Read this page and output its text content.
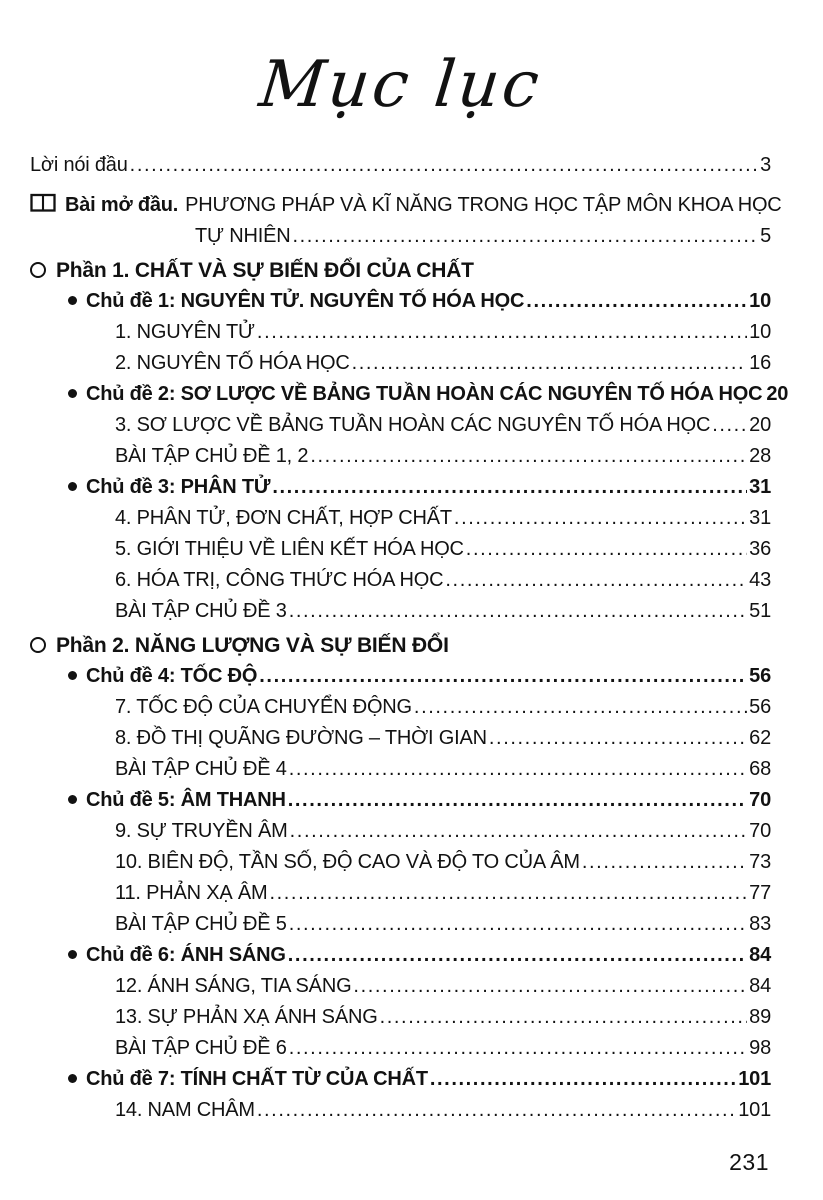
Mục lục
Lời nói đầu .....	3
Bài mở đầu. PHƯƠNG PHÁP VÀ KĨ NĂNG TRONG HỌC TẬP MÔN KHOA HỌC
TỰ NHIÊN .....	5
Phần 1. CHẤT VÀ SỰ BIẾN ĐỔI CỦA CHẤT
Chủ đề 1: NGUYÊN TỬ. NGUYÊN TỐ HÓA HỌC .....	10
1. NGUYÊN TỬ .....	10
2. NGUYÊN TỐ HÓA HỌC .....	16
Chủ đề 2: SƠ LƯỢC VỀ BẢNG TUẦN HOÀN CÁC NGUYÊN TỐ HÓA HỌC 20
3. SƠ LƯỢC VỀ BẢNG TUẦN HOÀN CÁC NGUYÊN TỐ HÓA HỌC ..... 20
BÀI TẬP CHỦ ĐỀ 1, 2 .....	28
Chủ đề 3: PHÂN TỬ .....	31
4. PHÂN TỬ, ĐƠN CHẤT, HỢP CHẤT .....	31
5. GIỚI THIỆU VỀ LIÊN KẾT HÓA HỌC .....	36
6. HÓA TRỊ, CÔNG THỨC HÓA HỌC .....	43
BÀI TẬP CHỦ ĐỀ 3 .....	51
Phần 2. NĂNG LƯỢNG VÀ SỰ BIẾN ĐỔI
Chủ đề 4: TỐC ĐỘ .....	56
7. TỐC ĐỘ CỦA CHUYỂN ĐỘNG .....	56
8. ĐỒ THỊ QUÃNG ĐƯỜNG – THỜI GIAN .....	62
BÀI TẬP CHỦ ĐỀ 4 .....	68
Chủ đề 5: ÂM THANH .....	70
9. SỰ TRUYỀN ÂM .....	70
10. BIÊN ĐỘ, TẦN SỐ, ĐỘ CAO VÀ ĐỘ TO CỦA ÂM .....	73
11. PHẢN XẠ ÂM .....	77
BÀI TẬP CHỦ ĐỀ 5 .....	83
Chủ đề 6: ÁNH SÁNG .....	84
12. ÁNH SÁNG, TIA SÁNG .....	84
13. SỰ PHẢN XẠ ÁNH SÁNG .....	89
BÀI TẬP CHỦ ĐỀ 6 .....	98
Chủ đề 7: TÍNH CHẤT TỪ CỦA CHẤT .....	101
14. NAM CHÂM .....	101
231
